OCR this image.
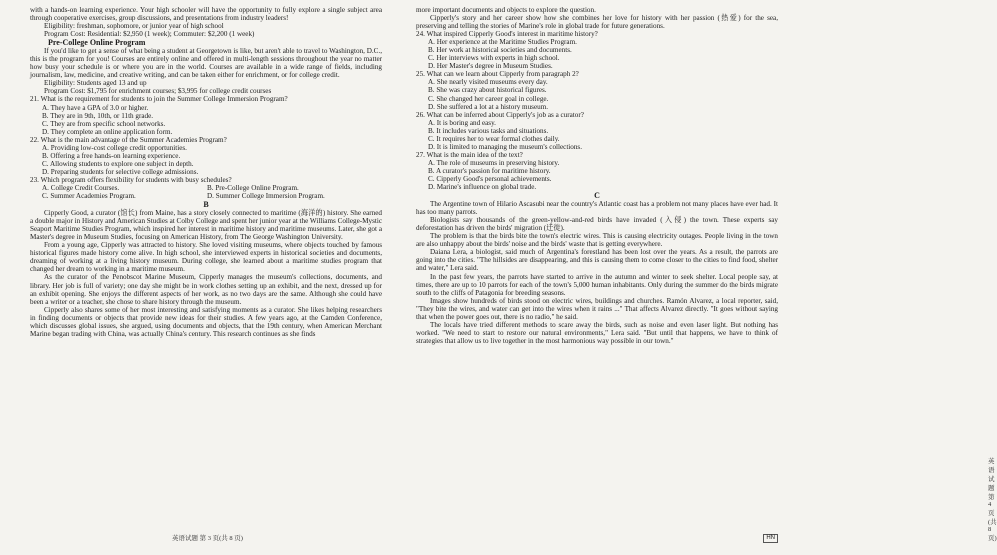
with a hands-on learning experience. Your high schooler will have the opportunity to fully explore a single subject area through cooperative exercises, group discussions, and presentations from industry leaders!

Eligibility: freshman, sophomore, or junior year of high school

Program Cost: Residential: $2,950 (1 week); Commuter: $2,200 (1 week)

Pre-College Online Program

If you'd like to get a sense of what being a student at Georgetown is like, but aren't able to travel to Washington, D.C., this is the program for you! Courses are entirely online and offered in multi-length sessions throughout the year no matter how busy your schedule is or where you are in the world. Courses are available in a wide range of fields, including journalism, law, medicine, and creative writing, and can be taken either for enrichment, or for college credit.

Eligibility: Students aged 13 and up

Program Cost: $1,795 for enrichment courses; $3,995 for college credit courses

21. What is the requirement for students to join the Summer College Immersion Program?

A. They have a GPA of 3.0 or higher.

B. They are in 9th, 10th, or 11th grade.

C. They are from specific school networks.

D. They complete an online application form.

22. What is the main advantage of the Summer Academies Program?

A. Providing low-cost college credit opportunities.

B. Offering a free hands-on learning experience.

C. Allowing students to explore one subject in depth.

D. Preparing students for selective college admissions.

23. Which program offers flexibility for students with busy schedules?

A. College Credit Courses.	B. Pre-College Online Program.
C. Summer Academies Program.	D. Summer College Immersion Program.

B

Cipperly Good, a curator (馆长) from Maine, has a story closely connected to maritime (海洋的) history. She earned a double major in History and American Studies at Colby College and spent her junior year at the Williams College-Mystic Seaport Maritime Studies Program, which inspired her interest in maritime history and maritime museums. Later, she got a Master's degree in Museum Studies, focusing on American History, from The George Washington University.

From a young age, Cipperly was attracted to history. She loved visiting museums, where objects touched by famous historical figures made history come alive. In high school, she interviewed experts in historical societies and documents, dreaming of working at a living history museum. During college, she learned about a maritime studies program that changed her dream to working in a maritime museum.

As the curator of the Penobscot Marine Museum, Cipperly manages the museum's collections, documents, and library. Her job is full of variety; one day she might be in work clothes setting up an exhibit, and the next, dressed up for an exhibit opening. She enjoys the different aspects of her work, as no two days are the same. Although she could have been a writer or a teacher, she chose to share history through the museum.

Cipperly also shares some of her most interesting and satisfying moments as a curator. She likes helping researchers in finding documents or objects that provide new ideas for their studies. A few years ago, at the Camden Conference, which discusses global issues, she argued, using documents and objects, that the 19th century, when American Merchant Marine began trading with China, was actually China's century. This research continues as she finds

英语试题 第 3 页(共 8 页)

more important documents and objects to explore the question.

Cipperly's story and her career show how she combines her love for history with her passion (热爱) for the sea, preserving and telling the stories of Marine's role in global trade for future generations.

24. What inspired Cipperly Good's interest in maritime history?

A. Her experience at the Maritime Studies Program.

B. Her work at historical societies and documents.

C. Her interviews with experts in high school.

D. Her Master's degree in Museum Studies.

25. What can we learn about Cipperly from paragraph 2?

A. She nearly visited museums every day.

B. She was crazy about historical figures.

C. She changed her career goal in college.

D. She suffered a lot at a history museum.

26. What can be inferred about Cipperly's job as a curator?

A. It is boring and easy.

B. It includes various tasks and situations.

C. It requires her to wear formal clothes daily.

D. It is limited to managing the museum's collections.

27. What is the main idea of the text?

A. The role of museums in preserving history.

B. A curator's passion for maritime history.

C. Cipperly Good's personal achievements.

D. Marine's influence on global trade.

C

The Argentine town of Hilario Ascasubi near the country's Atlantic coast has a problem not many places have ever had. It has too many parrots.

Biologists say thousands of the green-yellow-and-red birds have invaded (入侵) the town. These experts say deforestation has driven the birds' migration (迁徙).

The problem is that the birds bite the town's electric wires. This is causing electricity outages. People living in the town are also unhappy about the birds' noise and the birds' waste that is getting everywhere.

Daiana Lera, a biologist, said much of Argentina's forestland has been lost over the years. As a result, the parrots are going into the cities. "The hillsides are disappearing, and this is causing them to come closer to the cities to find food, shelter and water," Lera said.

In the past few years, the parrots have started to arrive in the autumn and winter to seek shelter. Local people say, at times, there are up to 10 parrots for each of the town's 5,000 human inhabitants. Only during the summer do the birds migrate south to the cliffs of Patagonia for breeding seasons.

Images show hundreds of birds stood on electric wires, buildings and churches. Ramón Alvarez, a local reporter, said, "They bite the wires, and water can get into the wires when it rains ..." That affects Alvarez directly. "It goes without saying that when the power goes out, there is no radio," he said.

The locals have tried different methods to scare away the birds, such as noise and even laser light. But nothing has worked. "We need to start to restore our natural environments," Lera said. "But until that happens, we have to think of strategies that allow us to live together in the most harmonious way possible in our town."

英语试题 第 4 页(共 8 页)
HN
